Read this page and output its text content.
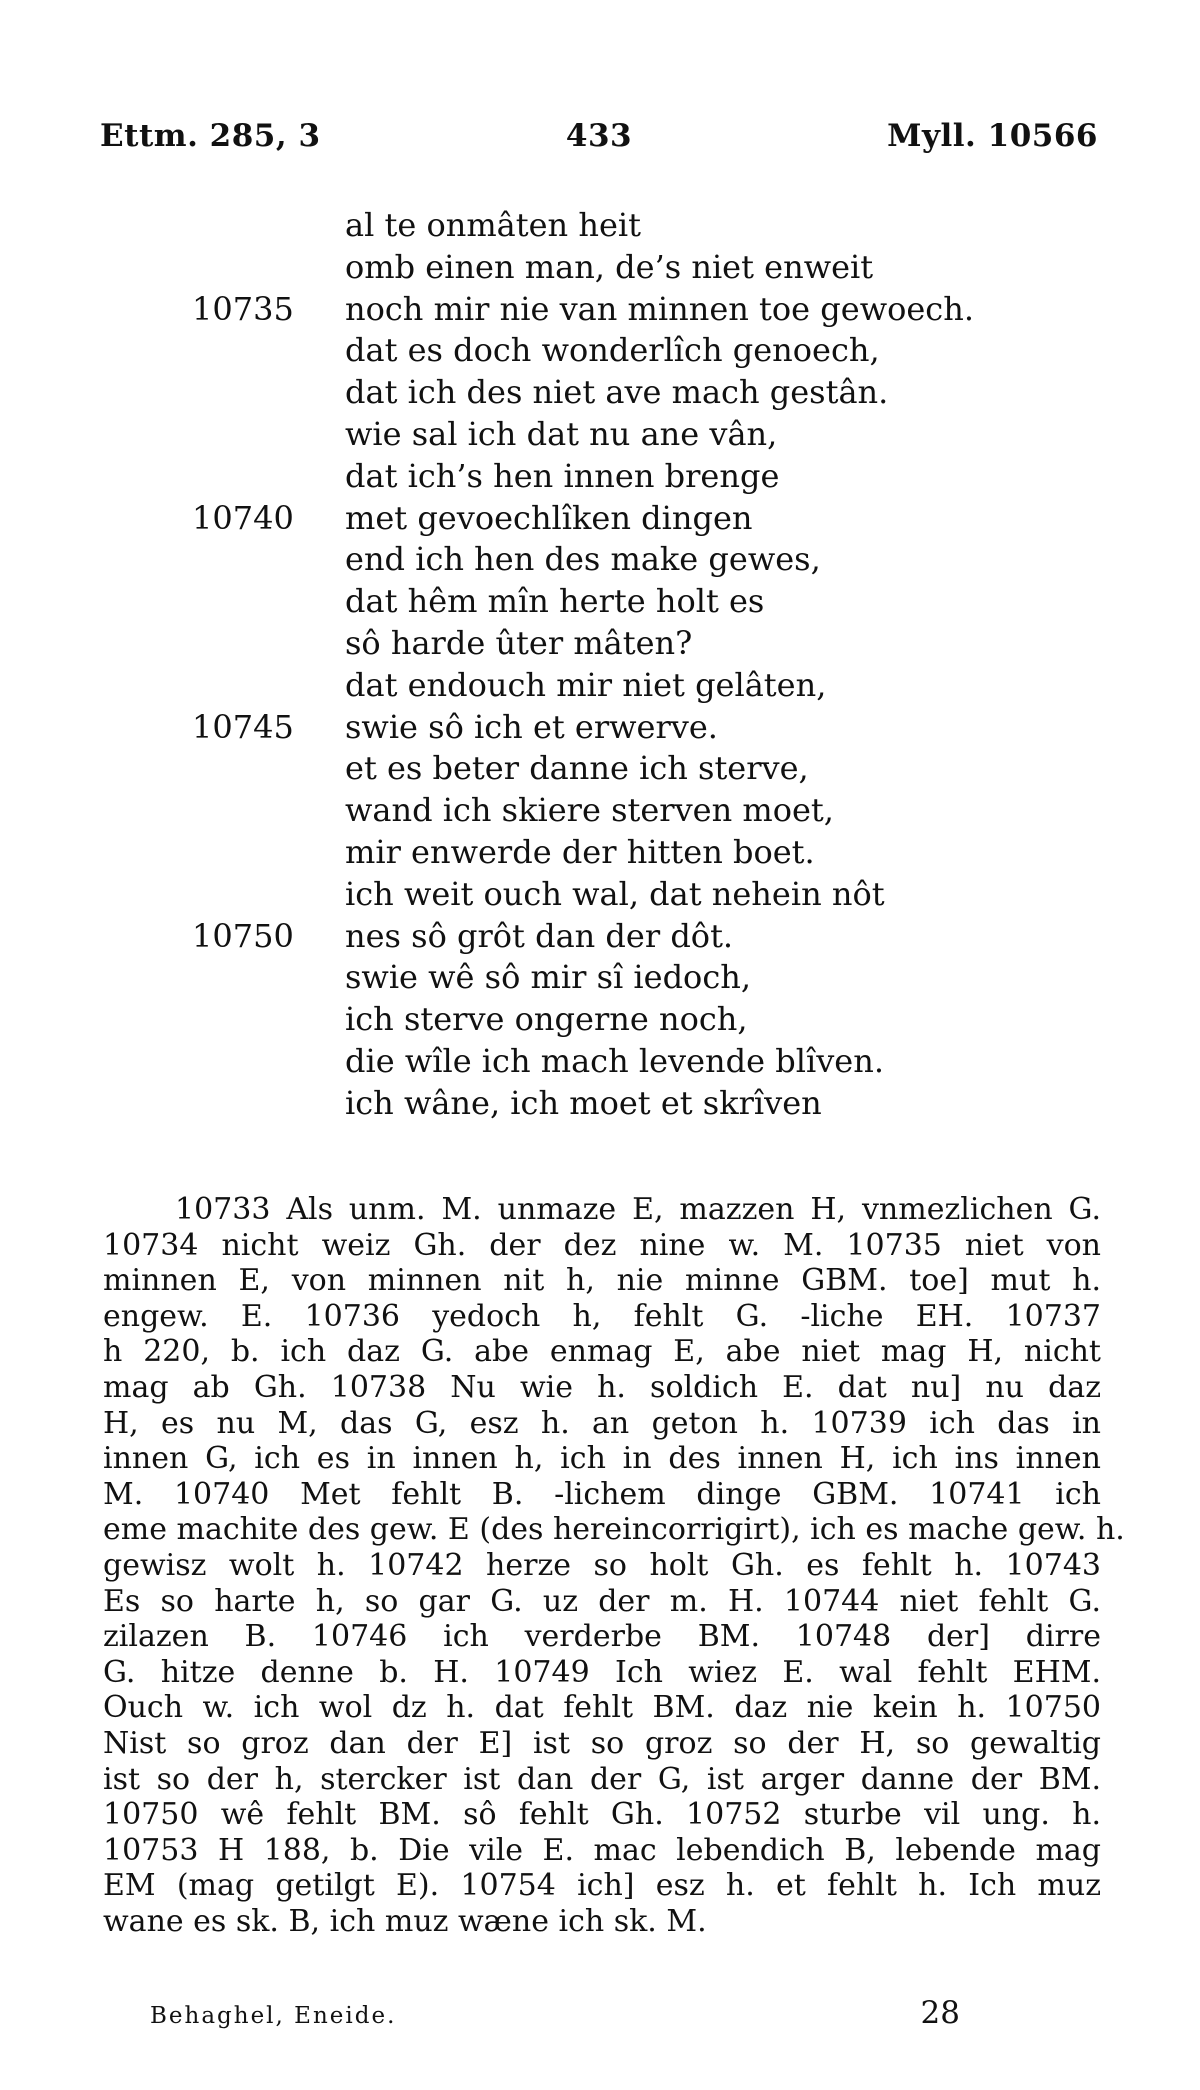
Ettm. 285, 3	433	Myll. 10566
al te onmâten heit
omb einen man, de’s niet enweit
10735	noch mir nie van minnen toe gewoech.
dat es doch wonderlîch genoech,
dat ich des niet ave mach gestân.
wie sal ich dat nu ane vân,
dat ich’s hen innen brenge
10740	met gevoechlîken dingen
end ich hen des make gewes,
dat hêm mîn herte holt es
sô harde ûter mâten?
dat endouch mir niet gelâten,
10745	swie sô ich et erwerve.
et es beter danne ich sterve,
wand ich skiere sterven moet,
mir enwerde der hitten boet.
ich weit ouch wal, dat nehein nôt
10750	nes sô grôt dan der dôt.
swie wê sô mir sî iedoch,
ich sterve ongerne noch,
die wîle ich mach levende blîven.
ich wâne, ich moet et skrîven
10733 Als unm. M. unmaze E, mazzen H, vnmezlichen G.
10734 nicht weiz Gh. der dez nine w. M. 10735 niet von
minnen E, von minnen nit h, nie minne GBM. toe] mut h.
engew. E. 10736 yedoch h, fehlt G. -liche EH. 10737
h 220, b. ich daz G. abe enmag E, abe niet mag H, nicht
mag ab Gh. 10738 Nu wie h. soldich E. dat nu] nu daz
H, es nu M, das G, esz h. an geton h. 10739 ich das in
innen G, ich es in innen h, ich in des innen H, ich ins innen
M. 10740 Met fehlt B. -lichem dinge GBM. 10741 ich
eme machite des gew. E (des hereincorrigirt), ich es mache gew. h.
gewisz wolt h. 10742 herze so holt Gh. es fehlt h. 10743
Es so harte h, so gar G. uz der m. H. 10744 niet fehlt G.
zilazen B. 10746 ich verderbe BM. 10748 der] dirre
G. hitze denne b. H. 10749 Ich wiez E. wal fehlt EHM.
Ouch w. ich wol dz h. dat fehlt BM. daz nie kein h. 10750
Nist so groz dan der E] ist so groz so der H, so gewaltig
ist so der h, stercker ist dan der G, ist arger danne der BM.
10750 wê fehlt BM. sô fehlt Gh. 10752 sturbe vil ung. h.
10753 H 188, b. Die vile E. mac lebendich B, lebende mag
EM (mag getilgt E). 10754 ich] esz h. et fehlt h. Ich muz
wane es sk. B, ich muz wæne ich sk. M.
Behaghel, Eneide.	28
